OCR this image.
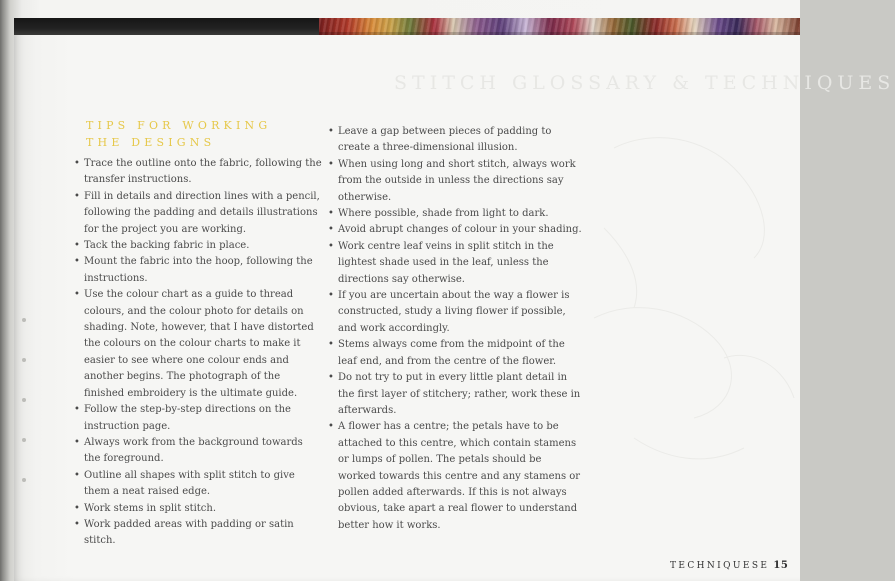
STITCH GLOSSARY & TECHNIQUES
TIPS FOR WORKING
THE DESIGNS
• Trace the outline onto the fabric, following the transfer instructions.
• Fill in details and direction lines with a pencil, following the padding and details illustrations for the project you are working.
• Tack the backing fabric in place.
• Mount the fabric into the hoop, following the instructions.
• Use the colour chart as a guide to thread colours, and the colour photo for details on shading. Note, however, that I have distorted the colours on the colour charts to make it easier to see where one colour ends and another begins. The photograph of the finished embroidery is the ultimate guide.
• Follow the step-by-step directions on the instruction page.
• Always work from the background towards the foreground.
• Outline all shapes with split stitch to give them a neat raised edge.
• Work stems in split stitch.
• Work padded areas with padding or satin stitch.
• Leave a gap between pieces of padding to create a three-dimensional illusion.
• When using long and short stitch, always work from the outside in unless the directions say otherwise.
• Where possible, shade from light to dark.
• Avoid abrupt changes of colour in your shading.
• Work centre leaf veins in split stitch in the lightest shade used in the leaf, unless the directions say otherwise.
• If you are uncertain about the way a flower is constructed, study a living flower if possible, and work accordingly.
• Stems always come from the midpoint of the leaf end, and from the centre of the flower.
• Do not try to put in every little plant detail in the first layer of stitchery; rather, work these in afterwards.
• A flower has a centre; the petals have to be attached to this centre, which contain stamens or lumps of pollen. The petals should be worked towards this centre and any stamens or pollen added afterwards. If this is not always obvious, take apart a real flower to understand better how it works.
TECHNIQUESE 15
